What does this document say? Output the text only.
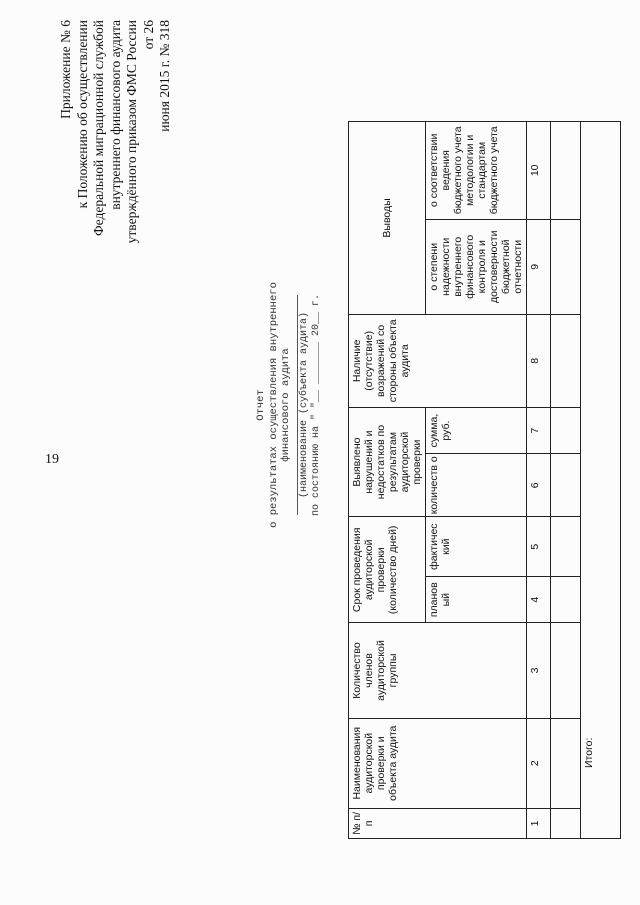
19
Приложение № 6 к Положению об осуществлении Федеральной миграционной службой внутреннего финансового аудита утверждённого приказом ФМС России от 26 июня 2015 г. № 318
Отчет о результатах осуществления внутреннего финансового аудита (наименование (субъекта аудита) по состоянию на " "__ _______ 20__ г.
№ п/п	Наименования аудиторской проверки и объекта аудита	Количество членов аудиторской группы	Срок проведения аудиторской проверки (количество дней)		Выявлено нарушений и недостатков по результатам аудиторской проверки		Наличие (отсутствие) возражений со стороны объекта аудита	Выводы	
			планов ый	фактичес кий	количеств о	сумма, руб.		о степени надежности внутреннего финансового контроля и достоверности бюджетной отчетности	о соответствии ведения бюджетного учета методологии и стандартам бюджетного учета
1	2	3	4	5	6	7	8	9	10

Итого:									
